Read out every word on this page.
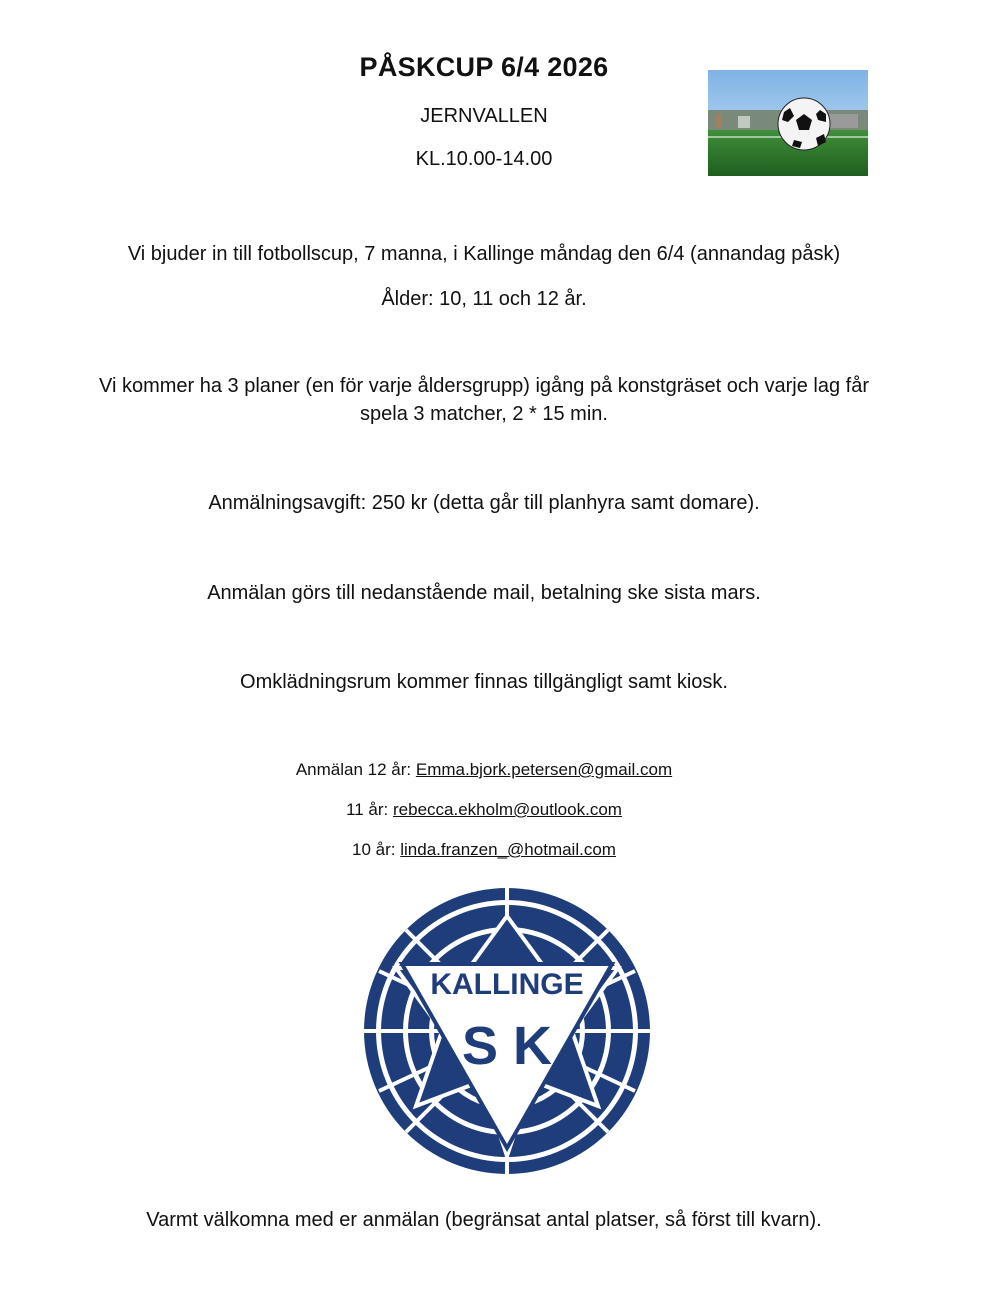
PÅSKCUP 6/4 2026
JERNVALLEN
KL.10.00-14.00
Vi bjuder in till fotbollscup, 7 manna, i Kallinge måndag den 6/4 (annandag påsk)
Ålder: 10, 11 och 12 år.
Vi kommer ha 3 planer (en för varje åldersgrupp) igång på konstgräset och varje lag får
spela 3 matcher, 2 * 15 min.
Anmälningsavgift: 250 kr (detta går till planhyra samt domare).
Anmälan görs till nedanstående mail, betalning ske sista mars.
Omklädningsrum kommer finnas tillgängligt samt kiosk.
Anmälan 12 år: Emma.bjork.petersen@gmail.com
11 år: rebecca.ekholm@outlook.com
10 år: linda.franzen_@hotmail.com
KALLINGE
S K
Varmt välkomna med er anmälan (begränsat antal platser, så först till kvarn).
